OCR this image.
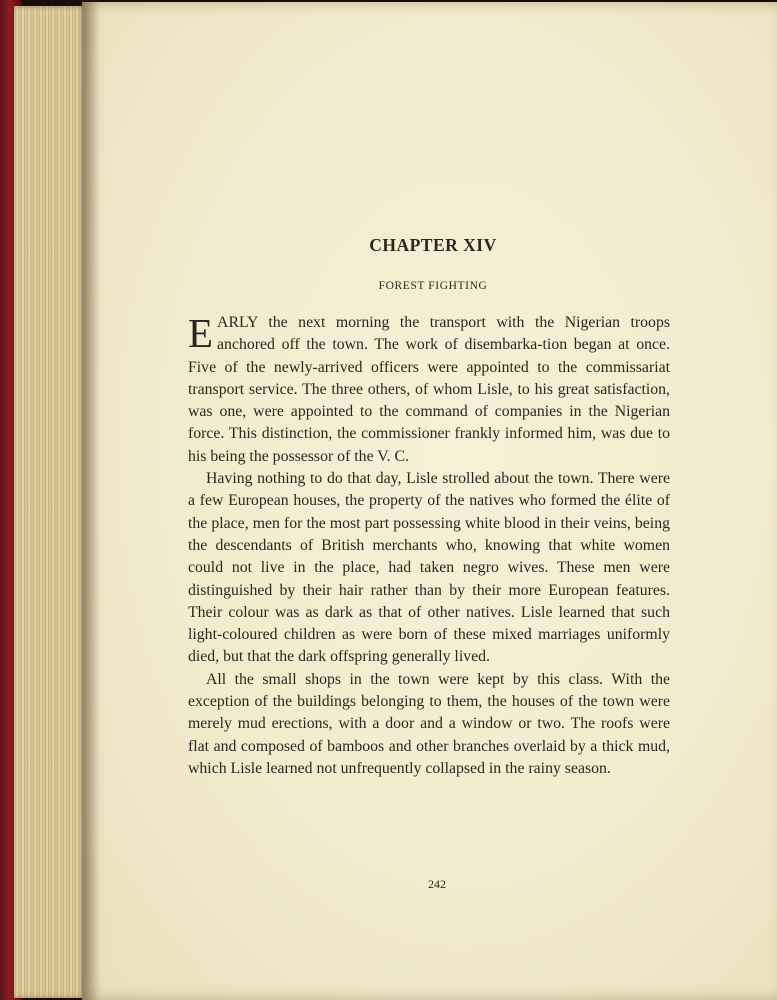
CHAPTER XIV
FOREST FIGHTING

EARLY the next morning the transport with the Nigerian troops anchored off the town. The work of disembarka-tion began at once. Five of the newly-arrived officers were appointed to the commissariat transport service. The three others, of whom Lisle, to his great satisfaction, was one, were appointed to the command of companies in the Nigerian force. This distinction, the commissioner frankly informed him, was due to his being the possessor of the V. C.

Having nothing to do that day, Lisle strolled about the town. There were a few European houses, the property of the natives who formed the élite of the place, men for the most part possessing white blood in their veins, being the descendants of British merchants who, knowing that white women could not live in the place, had taken negro wives. These men were distinguished by their hair rather than by their more European features. Their colour was as dark as that of other natives. Lisle learned that such light-coloured children as were born of these mixed marriages uniformly died, but that the dark offspring generally lived.

All the small shops in the town were kept by this class. With the exception of the buildings belonging to them, the houses of the town were merely mud erections, with a door and a window or two. The roofs were flat and composed of bamboos and other branches overlaid by a thick mud, which Lisle learned not unfrequently collapsed in the rainy season.

242
